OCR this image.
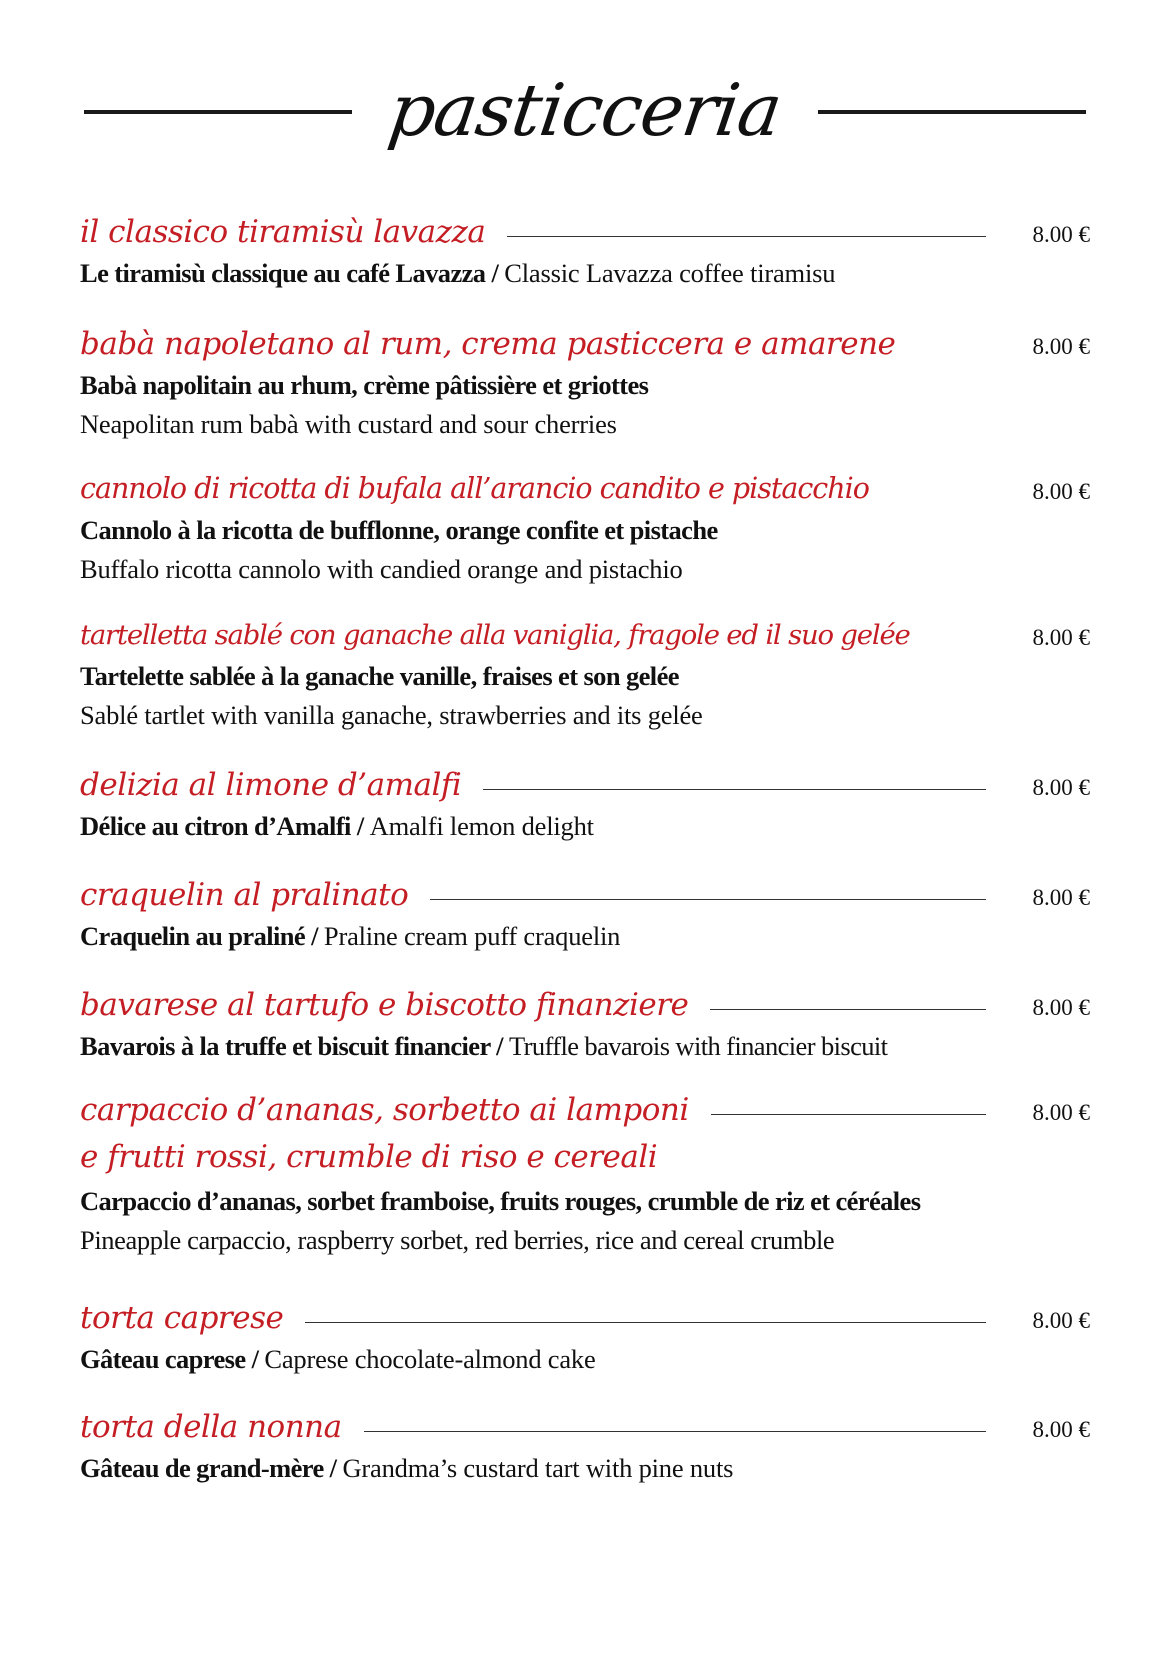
pasticceria
il classico tiramisù lavazza	8.00 €
Le tiramisù classique au café Lavazza / Classic Lavazza coffee tiramisu
babà napoletano al rum, crema pasticcera e amarene	8.00 €
Babà napolitain au rhum, crème pâtissière et griottes
Neapolitan rum babà with custard and sour cherries
cannolo di ricotta di bufala all’arancio candito e pistacchio	8.00 €
Cannolo à la ricotta de bufflonne, orange confite et pistache
Buffalo ricotta cannolo with candied orange and pistachio
tartelletta sablé con ganache alla vaniglia, fragole ed il suo gelée	8.00 €
Tartelette sablée à la ganache vanille, fraises et son gelée
Sablé tartlet with vanilla ganache, strawberries and its gelée
delizia al limone d’amalfi	8.00 €
Délice au citron d’Amalfi / Amalfi lemon delight
craquelin al pralinato	8.00 €
Craquelin au praliné / Praline cream puff craquelin
bavarese al tartufo e biscotto finanziere	8.00 €
Bavarois à la truffe et biscuit financier / Truffle bavarois with financier biscuit
carpaccio d’ananas, sorbetto ai lamponi	8.00 €
e frutti rossi, crumble di riso e cereali
Carpaccio d’ananas, sorbet framboise, fruits rouges, crumble de riz et céréales
Pineapple carpaccio, raspberry sorbet, red berries, rice and cereal crumble
torta caprese	8.00 €
Gâteau caprese / Caprese chocolate-almond cake
torta della nonna	8.00 €
Gâteau de grand-mère / Grandma’s custard tart with pine nuts
